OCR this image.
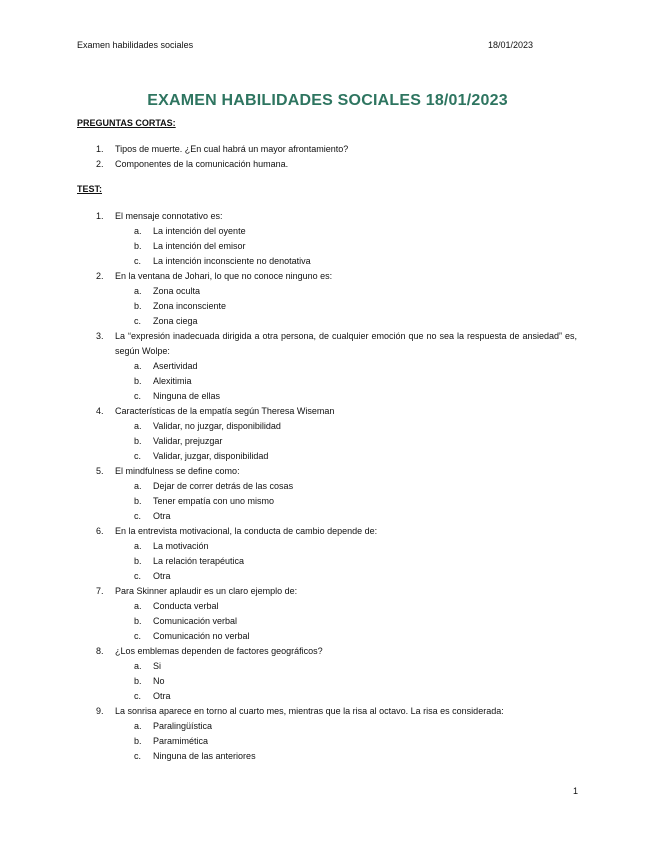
Examen habilidades sociales	18/01/2023
EXAMEN HABILIDADES SOCIALES 18/01/2023
PREGUNTAS CORTAS:
1. Tipos de muerte. ¿En cual habrá un mayor afrontamiento?
2. Componentes de la comunicación humana.
TEST:
1. El mensaje connotativo es:
a. La intención del oyente
b. La intención del emisor
c. La intención inconsciente no denotativa
2. En la ventana de Johari, lo que no conoce ninguno es:
a. Zona oculta
b. Zona inconsciente
c. Zona ciega
3. La “expresión inadecuada dirigida a otra persona, de cualquier emoción que no sea la respuesta de ansiedad” es, según Wolpe:
a. Asertividad
b. Alexitimia
c. Ninguna de ellas
4. Características de la empatía según Theresa Wiseman
a. Validar, no juzgar, disponibilidad
b. Validar, prejuzgar
c. Validar, juzgar, disponibilidad
5. El mindfulness se define como:
a. Dejar de correr detrás de las cosas
b. Tener empatía con uno mismo
c. Otra
6. En la entrevista motivacional, la conducta de cambio depende de:
a. La motivación
b. La relación terapéutica
c. Otra
7. Para Skinner aplaudir es un claro ejemplo de:
a. Conducta verbal
b. Comunicación verbal
c. Comunicación no verbal
8. ¿Los emblemas dependen de factores geográficos?
a. Si
b. No
c. Otra
9. La sonrisa aparece en torno al cuarto mes, mientras que la risa al octavo. La risa es considerada:
a. Paralingüística
b. Paramimética
c. Ninguna de las anteriores
1
